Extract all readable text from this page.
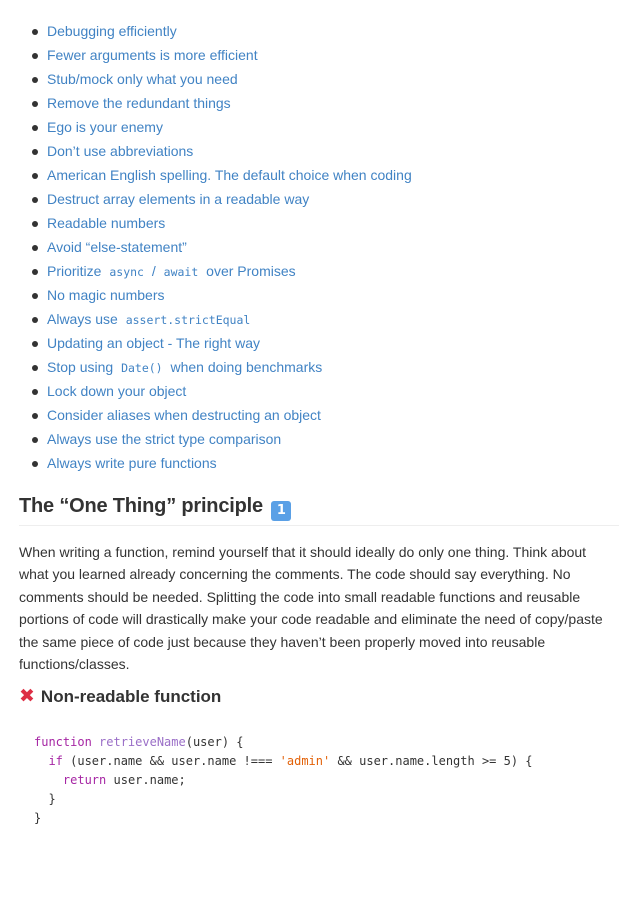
Debugging efficiently
Fewer arguments is more efficient
Stub/mock only what you need
Remove the redundant things
Ego is your enemy
Don’t use abbreviations
American English spelling. The default choice when coding
Destruct array elements in a readable way
Readable numbers
Avoid “else-statement”
Prioritize async / await over Promises
No magic numbers
Always use assert.strictEqual
Updating an object - The right way
Stop using Date() when doing benchmarks
Lock down your object
Consider aliases when destructing an object
Always use the strict type comparison
Always write pure functions
The “One Thing” principle 1

When writing a function, remind yourself that it should ideally do only one thing. Think about what you learned already concerning the comments. The code should say everything. No comments should be needed. Splitting the code into small readable functions and reusable portions of code will drastically make your code readable and eliminate the need of copy/paste the same piece of code just because they haven’t been properly moved into reusable functions/classes.

✖ Non-readable function
function retrieveName(user) {
if (user.name && user.name !=== 'admin' && user.name.length >= 5) {
return user.name;
}
}
